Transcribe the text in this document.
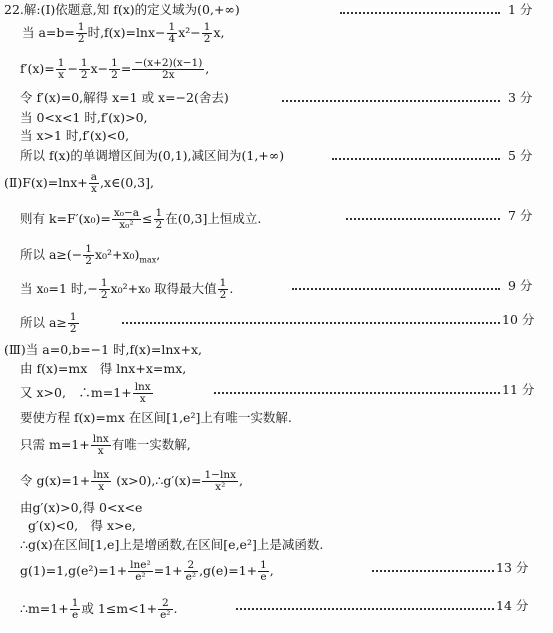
22.解:(Ⅰ)依题意,知 f(x)的定义域为(0,+∞)	1 分
当 $a=b= \frac{1}{2}$ 时$,f(x)=\ln x- \frac{1}{4} x^2- \frac{1}{2} x$,
$f'(x)= \frac{1}{x} - \frac{1}{2} x- \frac{1}{2} = \frac{-(x+2)(x-1)}{2x}$ ,
令 f′(x)=0,解得 x=1 或 x=−2(舍去)	3 分
当 0<x<1 时,f′(x)>0,
当 x>1 时,f′(x)<0,
所以 f(x)的单调增区间为(0,1),减区间为(1,+∞)	5 分
(Ⅱ)F(x)=lnx+ $\frac{a}{x}$ ,x∈(0,3],
则有 $k=F'(x_0)= \frac{\text{x₀−a}}{\text{x₀²}} \le \frac{1}{2}$ 在(0,3]上恒成立.	7 分
所以 $a\ge(- \frac{1}{2} x_0^2+x_0)_{max}$,
当 x₀=1 时,− $\frac{1}{2} x_0^2+x_0$ 取得最大值 $\frac{1}{2}$ .	9 分
所以 $a\ge \frac{1}{2}$	10 分
(Ⅲ)当 a=0,b=−1 时,f(x)=lnx+x,
由 f(x)=mx　得 lnx+x=mx,
又 x>0,　∴m=1+ $\frac{\ln x}{x}$	11 分
要使方程 f(x)=mx 在区间[1,e²]上有唯一实数解.
只需 $m=1+ \frac{\ln x}{x}$ 有唯一实数解,
令 $g(x)=1+ \frac{\ln x}{x}$ (x>0),∴g′(x)= $\frac{1-\ln x}{\text{x²}}$ ,
由g′(x)>0,得 0<x<e
g′(x)<0,　得 x>e,
∴g(x)在区间[1,e]上是增函数,在区间[e,e²]上是减函数.
$g(1)=1,g(e^2)=1+ \frac{\text{lne²}}{\text{e²}} =1+ \frac{2}{\text{e²}} ,g(e)=1+ \frac{1}{e}$ ,	13 分
∴m=1+ $\frac{1}{e}$ 或 $1\le m<1+ \frac{2}{\text{e²}}$ .	14 分
